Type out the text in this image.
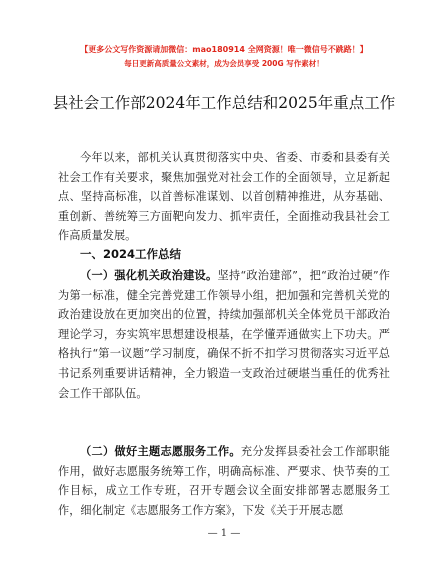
【更多公文写作资源请加微信：mao180914 全网资源！唯一微信号不跳路！】
每日更新高质量公文素材，成为会员享受 200G 写作素材！
县社会工作部2024年工作总结和2025年重点工作
今年以来，部机关认真贯彻落实中央、省委、市委和县委有关社会工作有关要求，聚焦加强党对社会工作的全面领导，立足新起点、坚持高标准，以首善标准谋划、以首创精神推进，从夯基础、重创新、善统筹三方面靶向发力、抓牢责任，全面推动我县社会工作高质量发展。
一、2024工作总结
（一）强化机关政治建设。坚持“政治建部”，把“政治过硬”作为第一标准，健全完善党建工作领导小组，把加强和完善机关党的政治建设放在更加突出的位置，持续加强部机关全体党员干部政治理论学习，夯实筑牢思想建设根基，在学懂弄通做实上下功夫。严格执行“第一议题”学习制度，确保不折不扣学习贯彻落实习近平总书记系列重要讲话精神，全力锻造一支政治过硬堪当重任的优秀社会工作干部队伍。
（二）做好主题志愿服务工作。充分发挥县委社会工作部职能作用，做好志愿服务统筹工作，明确高标准、严要求、快节奏的工作目标，成立工作专班，召开专题会议全面安排部署志愿服务工作，细化制定《志愿服务工作方案》，下发《关于开展志愿
— 1 —
